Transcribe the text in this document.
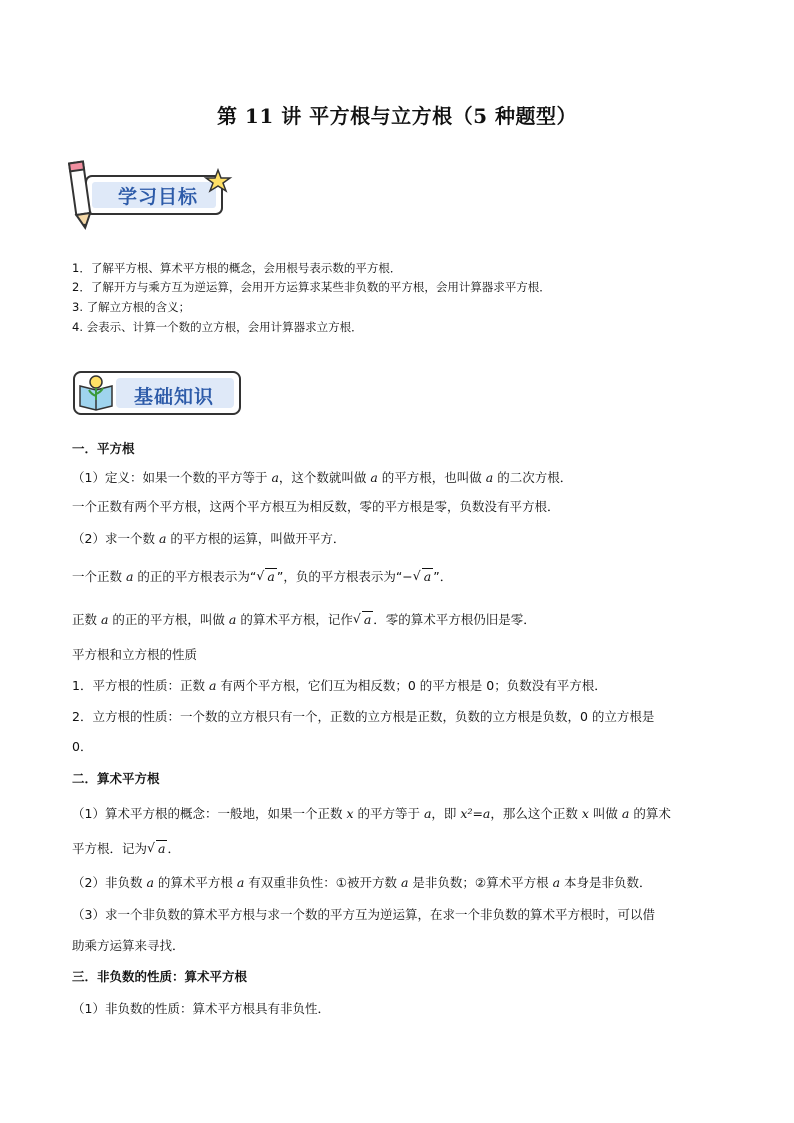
第 11 讲 平方根与立方根（5 种题型）
学习目标
1．了解平方根、算术平方根的概念，会用根号表示数的平方根．
2．了解开方与乘方互为逆运算，会用开方运算求某些非负数的平方根，会用计算器求平方根．
3. 了解立方根的含义；
4. 会表示、计算一个数的立方根，会用计算器求立方根．
基础知识
一．平方根
（1）定义：如果一个数的平方等于 a，这个数就叫做 a 的平方根，也叫做 a 的二次方根．
一个正数有两个平方根，这两个平方根互为相反数，零的平方根是零，负数没有平方根．
（2）求一个数 a 的平方根的运算，叫做开平方．
一个正数 a 的正的平方根表示为“ √ a ”，负的平方根表示为“− √ a ”．
正数 a 的正的平方根，叫做 a 的算术平方根，记作 √ a ．零的算术平方根仍旧是零．
平方根和立方根的性质
1．平方根的性质：正数 a 有两个平方根，它们互为相反数；0 的平方根是 0；负数没有平方根．
2．立方根的性质：一个数的立方根只有一个，正数的立方根是正数，负数的立方根是负数，0 的立方根是
0．
二．算术平方根
（1）算术平方根的概念：一般地，如果一个正数 x 的平方等于 a，即 x²=a，那么这个正数 x 叫做 a 的算术
平方根．记为 √ a ．
（2）非负数 a 的算术平方根 a 有双重非负性：①被开方数 a 是非负数；②算术平方根 a 本身是非负数．
（3）求一个非负数的算术平方根与求一个数的平方互为逆运算，在求一个非负数的算术平方根时，可以借
助乘方运算来寻找．
三．非负数的性质：算术平方根
（1）非负数的性质：算术平方根具有非负性．
